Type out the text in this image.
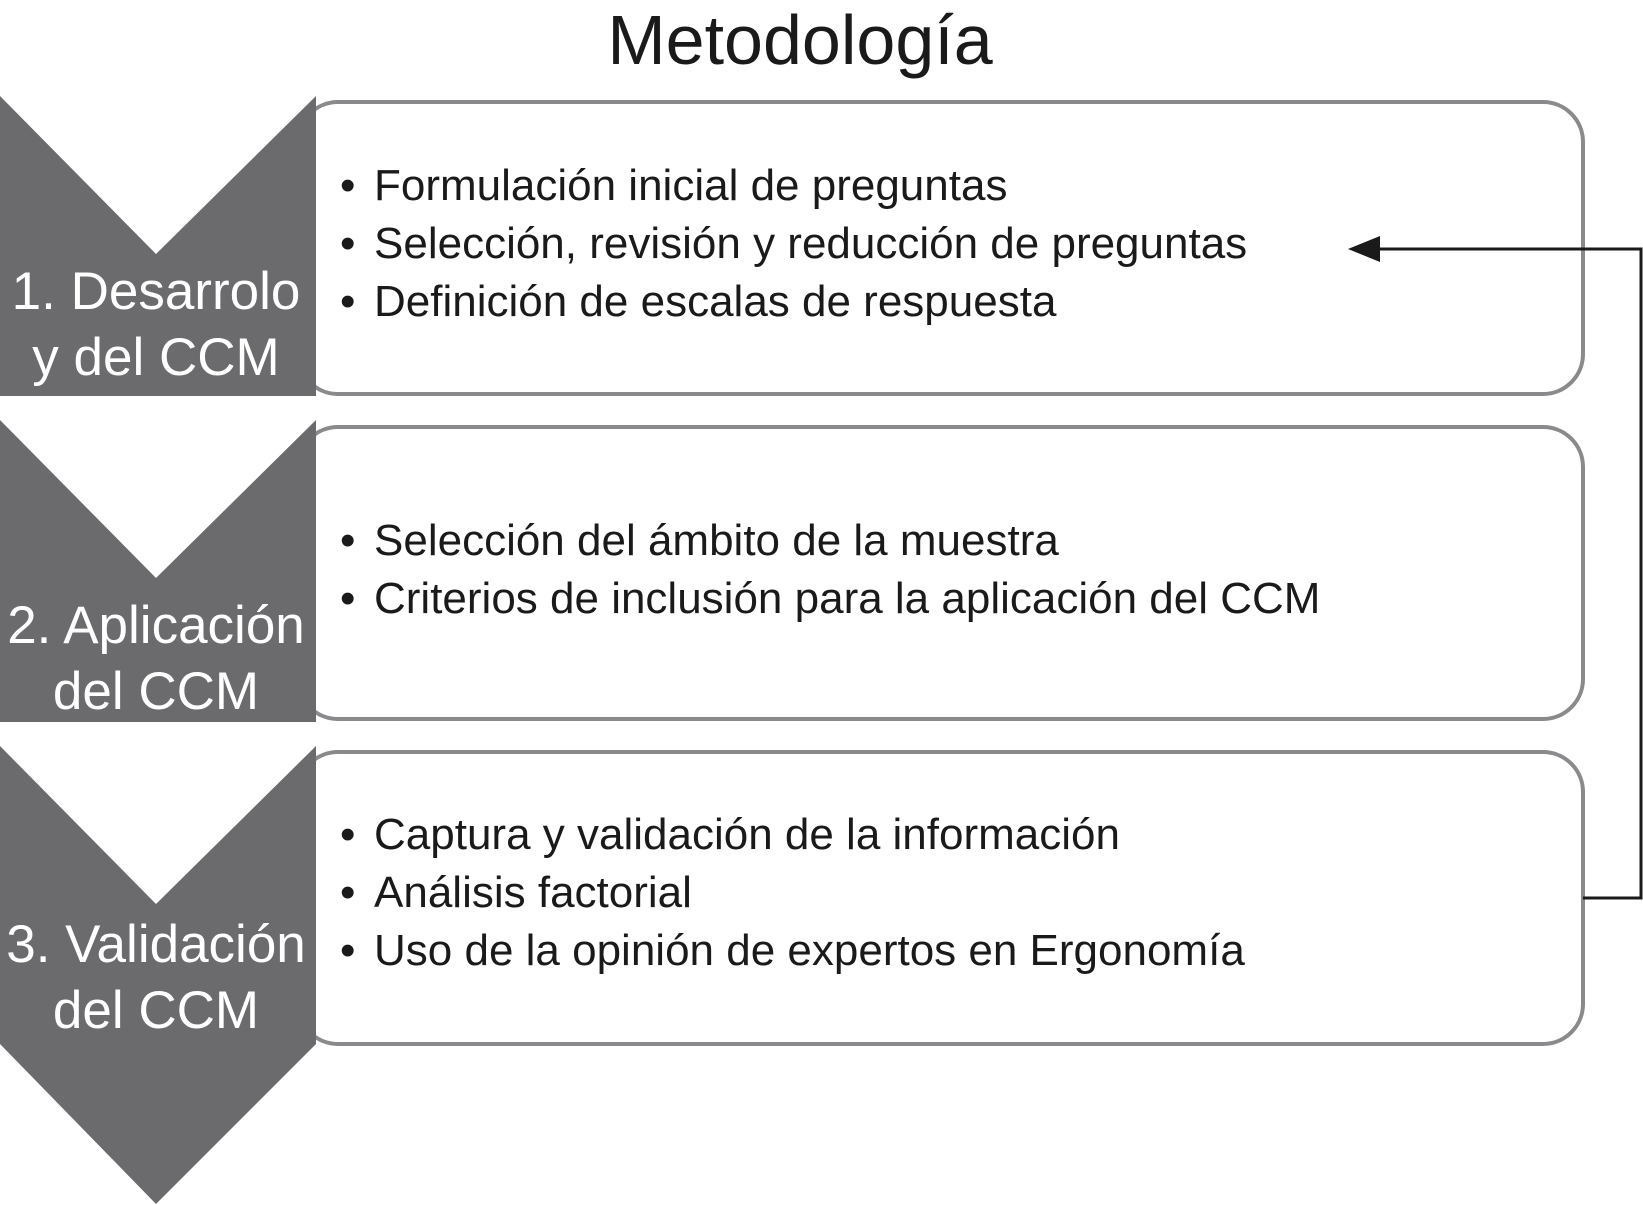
Metodología
1. Desarrolo
y del CCM
2. Aplicación
del CCM
3. Validación
del CCM
• Formulación inicial de preguntas
• Selección, revisión y reducción de preguntas
• Definición de escalas de respuesta
• Selección del ámbito de la muestra
• Criterios de inclusión para la aplicación del CCM
• Captura y validación de la información
• Análisis factorial
• Uso de la opinión de expertos en Ergonomía
